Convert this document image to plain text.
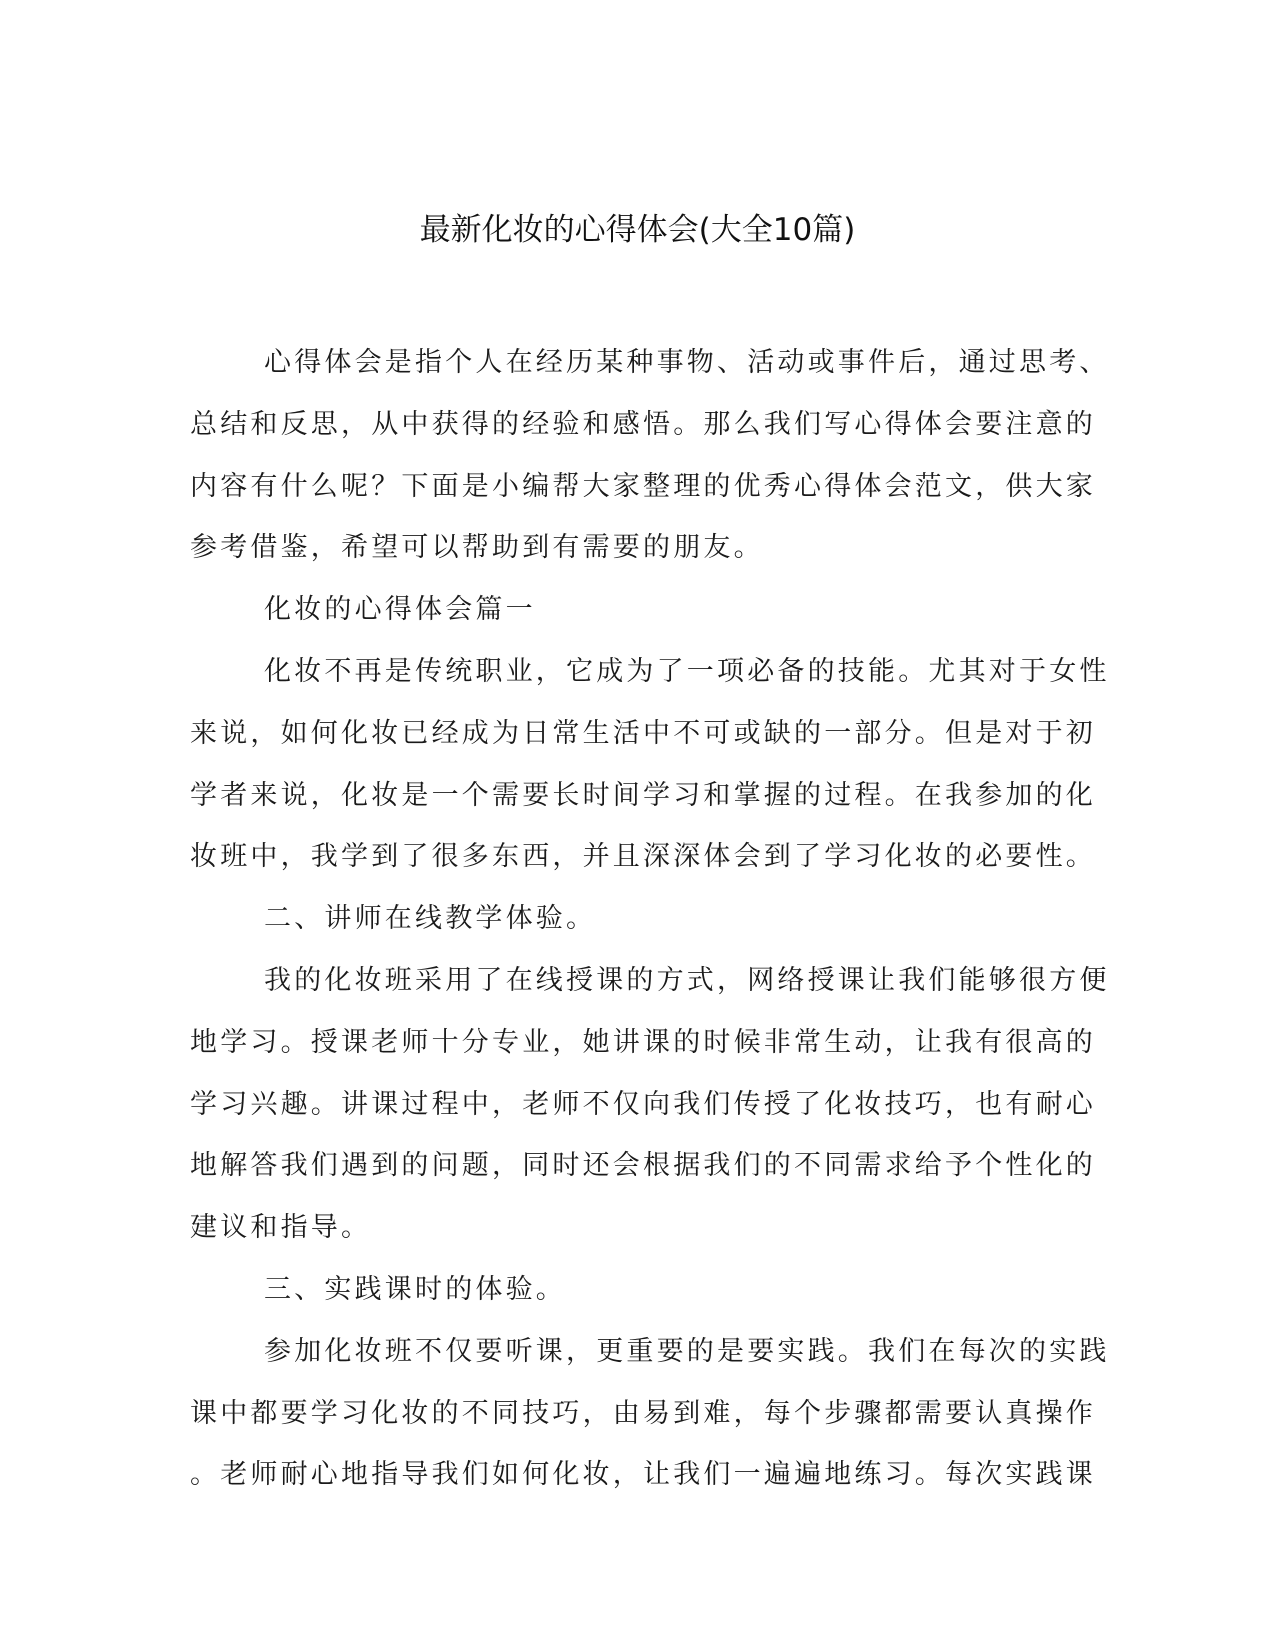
最新化妆的心得体会(大全10篇)
心得体会是指个人在经历某种事物、活动或事件后，通过思考、
总结和反思，从中获得的经验和感悟。那么我们写心得体会要注意的
内容有什么呢？下面是小编帮大家整理的优秀心得体会范文，供大家
参考借鉴，希望可以帮助到有需要的朋友。
化妆的心得体会篇一
化妆不再是传统职业，它成为了一项必备的技能。尤其对于女性
来说，如何化妆已经成为日常生活中不可或缺的一部分。但是对于初
学者来说，化妆是一个需要长时间学习和掌握的过程。在我参加的化
妆班中，我学到了很多东西，并且深深体会到了学习化妆的必要性。
二、讲师在线教学体验。
我的化妆班采用了在线授课的方式，网络授课让我们能够很方便
地学习。授课老师十分专业，她讲课的时候非常生动，让我有很高的
学习兴趣。讲课过程中，老师不仅向我们传授了化妆技巧，也有耐心
地解答我们遇到的问题，同时还会根据我们的不同需求给予个性化的
建议和指导。
三、实践课时的体验。
参加化妆班不仅要听课，更重要的是要实践。我们在每次的实践
课中都要学习化妆的不同技巧，由易到难，每个步骤都需要认真操作
。老师耐心地指导我们如何化妆，让我们一遍遍地练习。每次实践课
